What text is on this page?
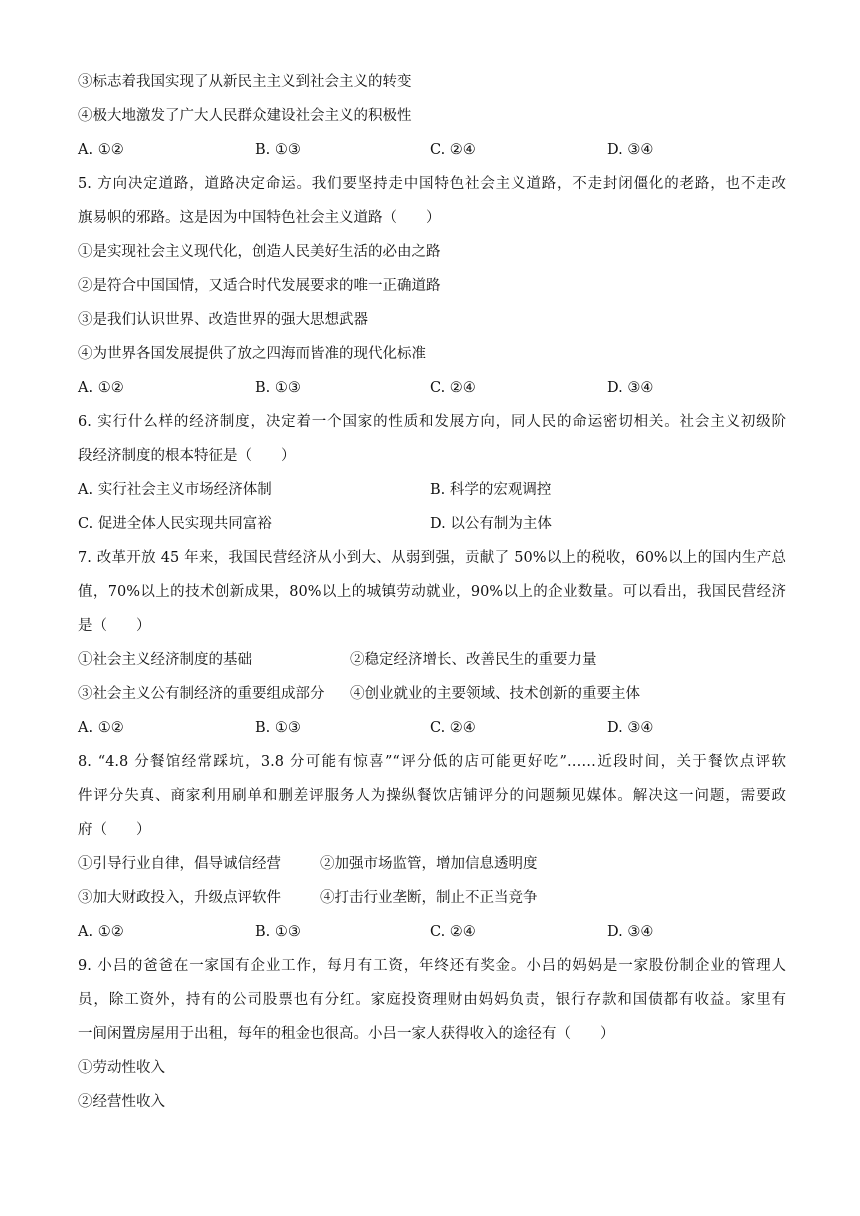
③标志着我国实现了从新民主主义到社会主义的转变
④极大地激发了广大人民群众建设社会主义的积极性
A. ①②	B. ①③	C. ②④	D. ③④
5. 方向决定道路，道路决定命运。我们要坚持走中国特色社会主义道路，不走封闭僵化的老路，也不走改
旗易帜的邪路。这是因为中国特色社会主义道路（　　）
①是实现社会主义现代化，创造人民美好生活的必由之路
②是符合中国国情，又适合时代发展要求的唯一正确道路
③是我们认识世界、改造世界的强大思想武器
④为世界各国发展提供了放之四海而皆准的现代化标准
A. ①②	B. ①③	C. ②④	D. ③④
6. 实行什么样的经济制度，决定着一个国家的性质和发展方向，同人民的命运密切相关。社会主义初级阶
段经济制度的根本特征是（　　）
A. 实行社会主义市场经济体制	B. 科学的宏观调控
C. 促进全体人民实现共同富裕	D. 以公有制为主体
7. 改革开放 45 年来，我国民营经济从小到大、从弱到强，贡献了 50%以上的税收，60%以上的国内生产总
值，70%以上的技术创新成果，80%以上的城镇劳动就业，90%以上的企业数量。可以看出，我国民营经济
是（　　）
①社会主义经济制度的基础	②稳定经济增长、改善民生的重要力量
③社会主义公有制经济的重要组成部分 ④创业就业的主要领域、技术创新的重要主体
A. ①②	B. ①③	C. ②④	D. ③④
8. “4.8 分餐馆经常踩坑，3.8 分可能有惊喜”“评分低的店可能更好吃”……近段时间，关于餐饮点评软
件评分失真、商家利用刷单和删差评服务人为操纵餐饮店铺评分的问题频见媒体。解决这一问题，需要政
府（　　）
①引导行业自律，倡导诚信经营	②加强市场监管，增加信息透明度
③加大财政投入，升级点评软件	④打击行业垄断，制止不正当竞争
A. ①②	B. ①③	C. ②④	D. ③④
9. 小吕的爸爸在一家国有企业工作，每月有工资，年终还有奖金。小吕的妈妈是一家股份制企业的管理人
员，除工资外，持有的公司股票也有分红。家庭投资理财由妈妈负责，银行存款和国债都有收益。家里有
一间闲置房屋用于出租，每年的租金也很高。小吕一家人获得收入的途径有（　　）
①劳动性收入
②经营性收入
